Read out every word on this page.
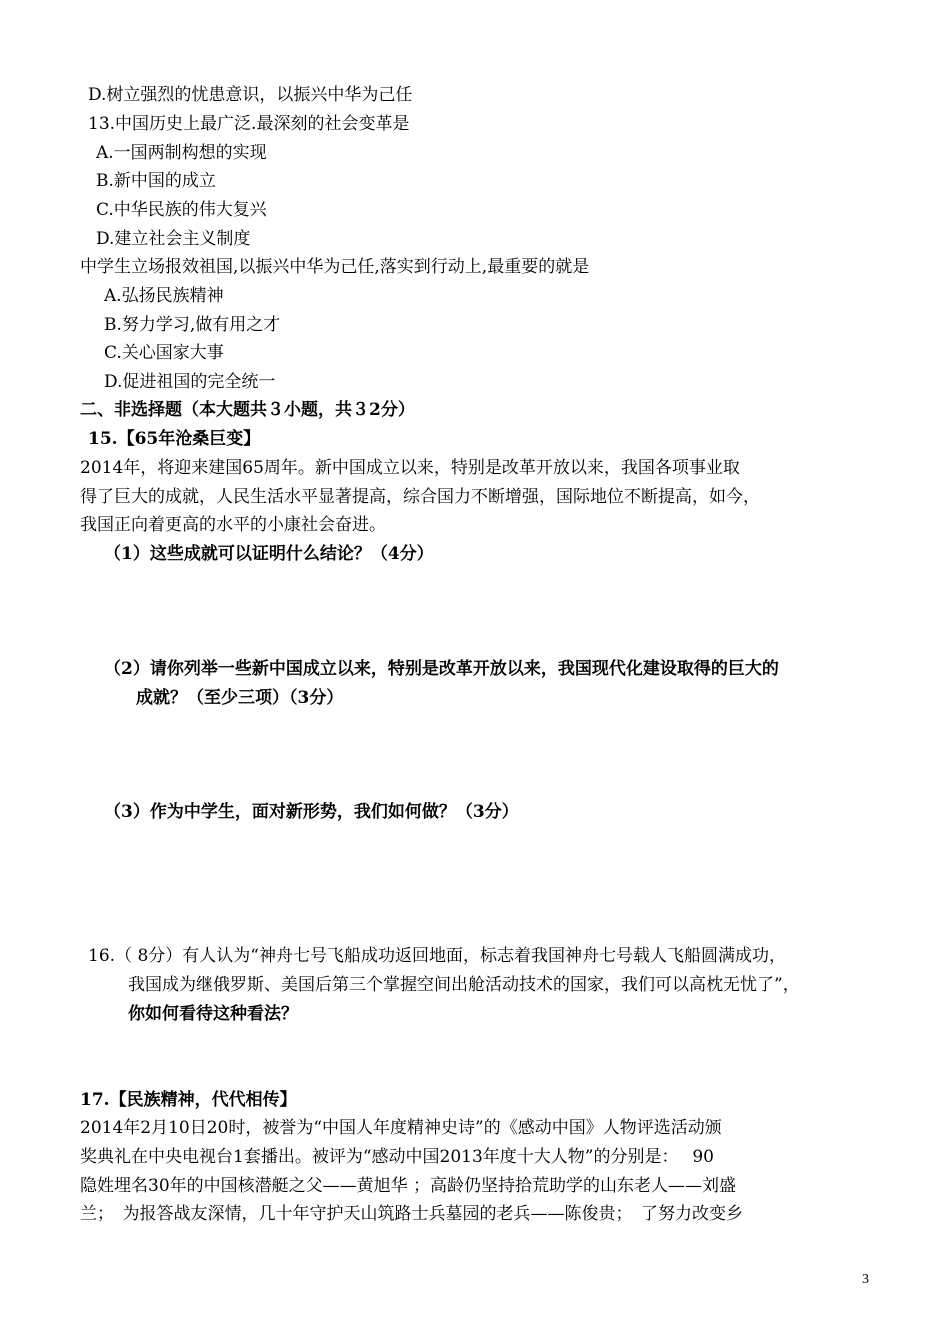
D.树立强烈的忧患意识，以振兴中华为己任
13.中国历史上最广泛.最深刻的社会变革是
A.一国两制构想的实现
B.新中国的成立
C.中华民族的伟大复兴
D.建立社会主义制度
中学生立场报效祖国,以振兴中华为己任,落实到行动上,最重要的就是
A.弘扬民族精神
B.努力学习,做有用之才
C.关心国家大事
D.促进祖国的完全统一
二、非选择题（本大题共３小题，共３2分）
15.【65年沧桑巨变】
2014年，将迎来建国65周年。新中国成立以来，特别是改革开放以来，我国各项事业取
得了巨大的成就，人民生活水平显著提高，综合国力不断增强，国际地位不断提高，如今，
我国正向着更高的水平的小康社会奋进。
（1）这些成就可以证明什么结论？（4分）
（2）请你列举一些新中国成立以来，特别是改革开放以来，我国现代化建设取得的巨大的
成就？（至少三项）（3分）
（3）作为中学生，面对新形势，我们如何做？（3分）
16.（ 8分）有人认为“神舟七号飞船成功返回地面，标志着我国神舟七号载人飞船圆满成功，
我国成为继俄罗斯、美国后第三个掌握空间出舱活动技术的国家，我们可以高枕无忧了”，
你如何看待这种看法？
17.【民族精神，代代相传】
2014年2月10日20时，被誉为“中国人年度精神史诗”的《感动中国》人物评选活动颁
奖典礼在中央电视台1套播出。被评为“感动中国2013年度十大人物”的分别是：　 90
隐姓埋名30年的中国核潜艇之父——黄旭华 ；高龄仍坚持拾荒助学的山东老人——刘盛
兰；　为报答战友深情，几十年守护天山筑路士兵墓园的老兵——陈俊贵；　了努力改变乡
3
